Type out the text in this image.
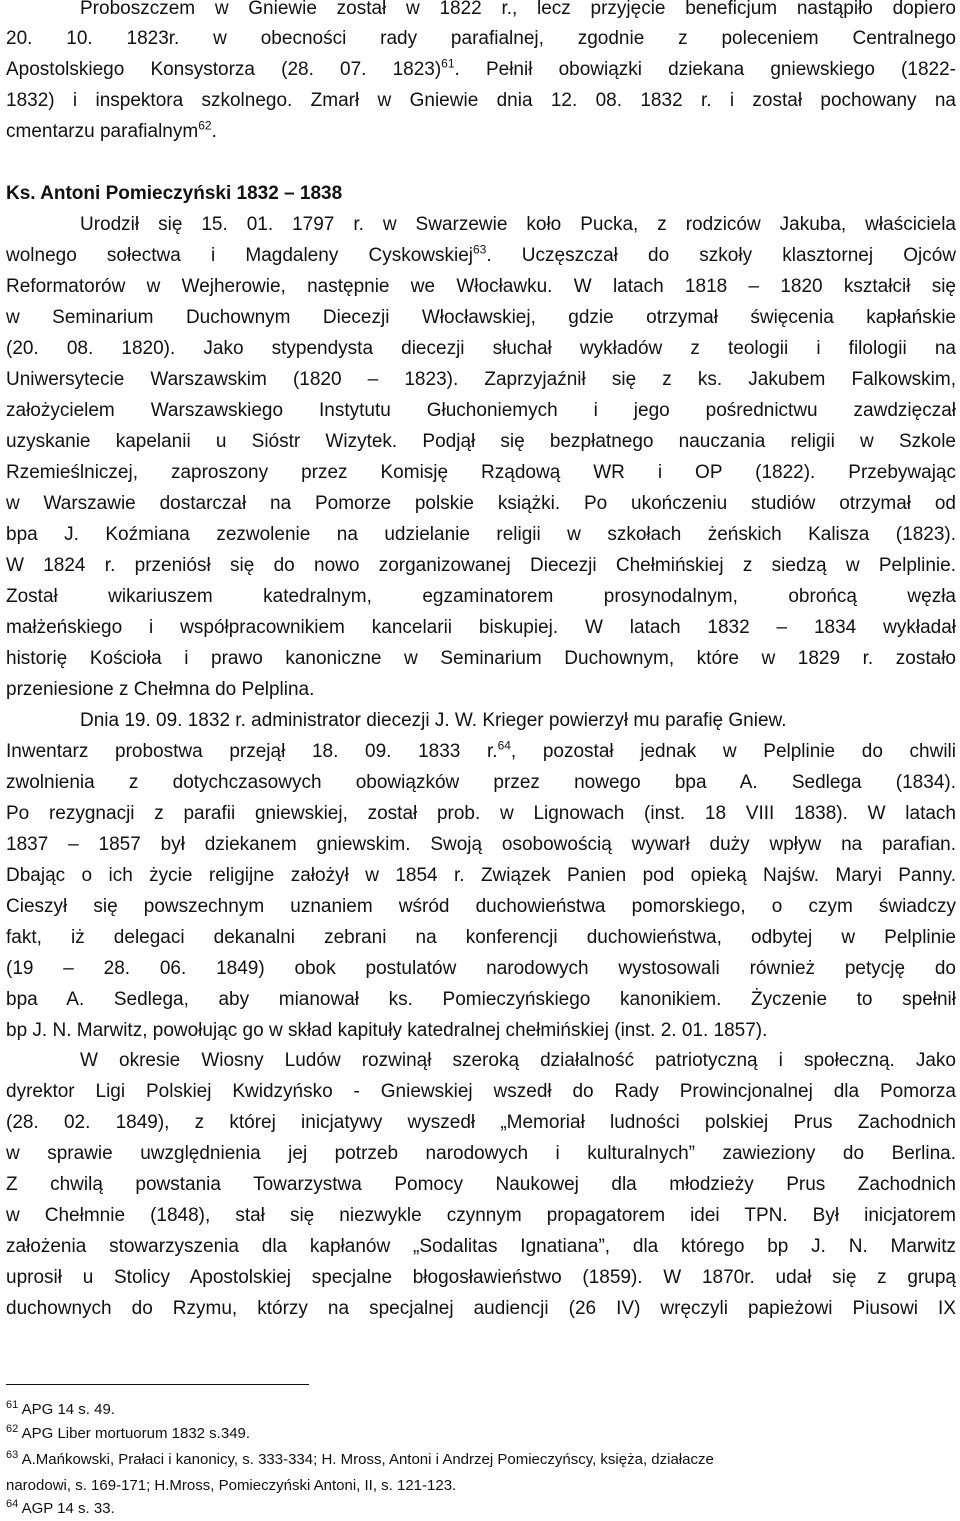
Proboszczem w Gniewie został w 1822 r., lecz przyjęcie beneficjum nastąpiło dopiero
20. 10. 1823r. w obecności rady parafialnej, zgodnie z poleceniem Centralnego
Apostolskiego Konsystorza (28. 07. 1823)$^{61}$. Pełnił obowiązki dziekana gniewskiego (1822-
1832) i inspektora szkolnego. Zmarł w Gniewie dnia 12. 08. 1832 r. i został pochowany na
cmentarzu parafialnym$^{62}$.
Ks. Antoni Pomieczyński 1832 – 1838
Urodził się 15. 01. 1797 r. w Swarzewie koło Pucka, z rodziców Jakuba, właściciela
wolnego sołectwa i Magdaleny Cyskowskiej$^{63}$. Uczęszczał do szkoły klasztornej Ojców
Reformatorów w Wejherowie, następnie we Włocławku. W latach 1818 – 1820 kształcił się
w Seminarium Duchownym Diecezji Włocławskiej, gdzie otrzymał święcenia kapłańskie
(20. 08. 1820). Jako stypendysta diecezji słuchał wykładów z teologii i filologii na
Uniwersytecie Warszawskim (1820 – 1823). Zaprzyjaźnił się z ks. Jakubem Falkowskim,
założycielem Warszawskiego Instytutu Głuchoniemych i jego pośrednictwu zawdzięczał
uzyskanie kapelanii u Sióstr Wizytek. Podjął się bezpłatnego nauczania religii w Szkole
Rzemieślniczej, zaproszony przez Komisję Rządową WR i OP (1822). Przebywając
w Warszawie dostarczał na Pomorze polskie książki. Po ukończeniu studiów otrzymał od
bpa J. Koźmiana zezwolenie na udzielanie religii w szkołach żeńskich Kalisza (1823).
W 1824 r. przeniósł się do nowo zorganizowanej Diecezji Chełmińskiej z siedzą w Pelplinie.
Został wikariuszem katedralnym, egzaminatorem prosynodalnym, obrońcą węzła
małżeńskiego i współpracownikiem kancelarii biskupiej. W latach 1832 – 1834 wykładał
historię Kościoła i prawo kanoniczne w Seminarium Duchownym, które w 1829 r. zostało
przeniesione z Chełmna do Pelplina.
Dnia 19. 09. 1832 r. administrator diecezji J. W. Krieger powierzył mu parafię Gniew.
Inwentarz probostwa przejął 18. 09. 1833 r.$^{64}$, pozostał jednak w Pelplinie do chwili
zwolnienia z dotychczasowych obowiązków przez nowego bpa A. Sedlega (1834).
Po rezygnacji z parafii gniewskiej, został prob. w Lignowach (inst. 18 VIII 1838). W latach
1837 – 1857 był dziekanem gniewskim. Swoją osobowością wywarł duży wpływ na parafian.
Dbając o ich życie religijne założył w 1854 r. Związek Panien pod opieką Najśw. Maryi Panny.
Cieszył się powszechnym uznaniem wśród duchowieństwa pomorskiego, o czym świadczy
fakt, iż delegaci dekanalni zebrani na konferencji duchowieństwa, odbytej w Pelplinie
(19 – 28. 06. 1849) obok postulatów narodowych wystosowali również petycję do
bpa A. Sedlega, aby mianował ks. Pomieczyńskiego kanonikiem. Życzenie to spełnił
bp J. N. Marwitz, powołując go w skład kapituły katedralnej chełmińskiej (inst. 2. 01. 1857).
W okresie Wiosny Ludów rozwinął szeroką działalność patriotyczną i społeczną. Jako
dyrektor Ligi Polskiej Kwidzyńsko - Gniewskiej wszedł do Rady Prowincjonalnej dla Pomorza
(28. 02. 1849), z której inicjatywy wyszedł „Memoriał ludności polskiej Prus Zachodnich
w sprawie uwzględnienia jej potrzeb narodowych i kulturalnych” zawieziony do Berlina.
Z chwilą powstania Towarzystwa Pomocy Naukowej dla młodzieży Prus Zachodnich
w Chełmnie (1848), stał się niezwykle czynnym propagatorem idei TPN. Był inicjatorem
założenia stowarzyszenia dla kapłanów „Sodalitas Ignatiana”, dla którego bp J. N. Marwitz
uprosił u Stolicy Apostolskiej specjalne błogosławieństwo (1859). W 1870r. udał się z grupą
duchownych do Rzymu, którzy na specjalnej audiencji (26 IV) wręczyli papieżowi Piusowi IX
$^{61}$ APG 14 s. 49.
$^{62}$ APG Liber mortuorum 1832 s.349.
$^{63}$ A.Mańkowski, Prałaci i kanonicy, s. 333-334; H. Mross, Antoni i Andrzej Pomieczyńscy, księża, działacze
narodowi, s. 169-171; H.Mross, Pomieczyński Antoni, II, s. 121-123.
$^{64}$ AGP 14 s. 33.
